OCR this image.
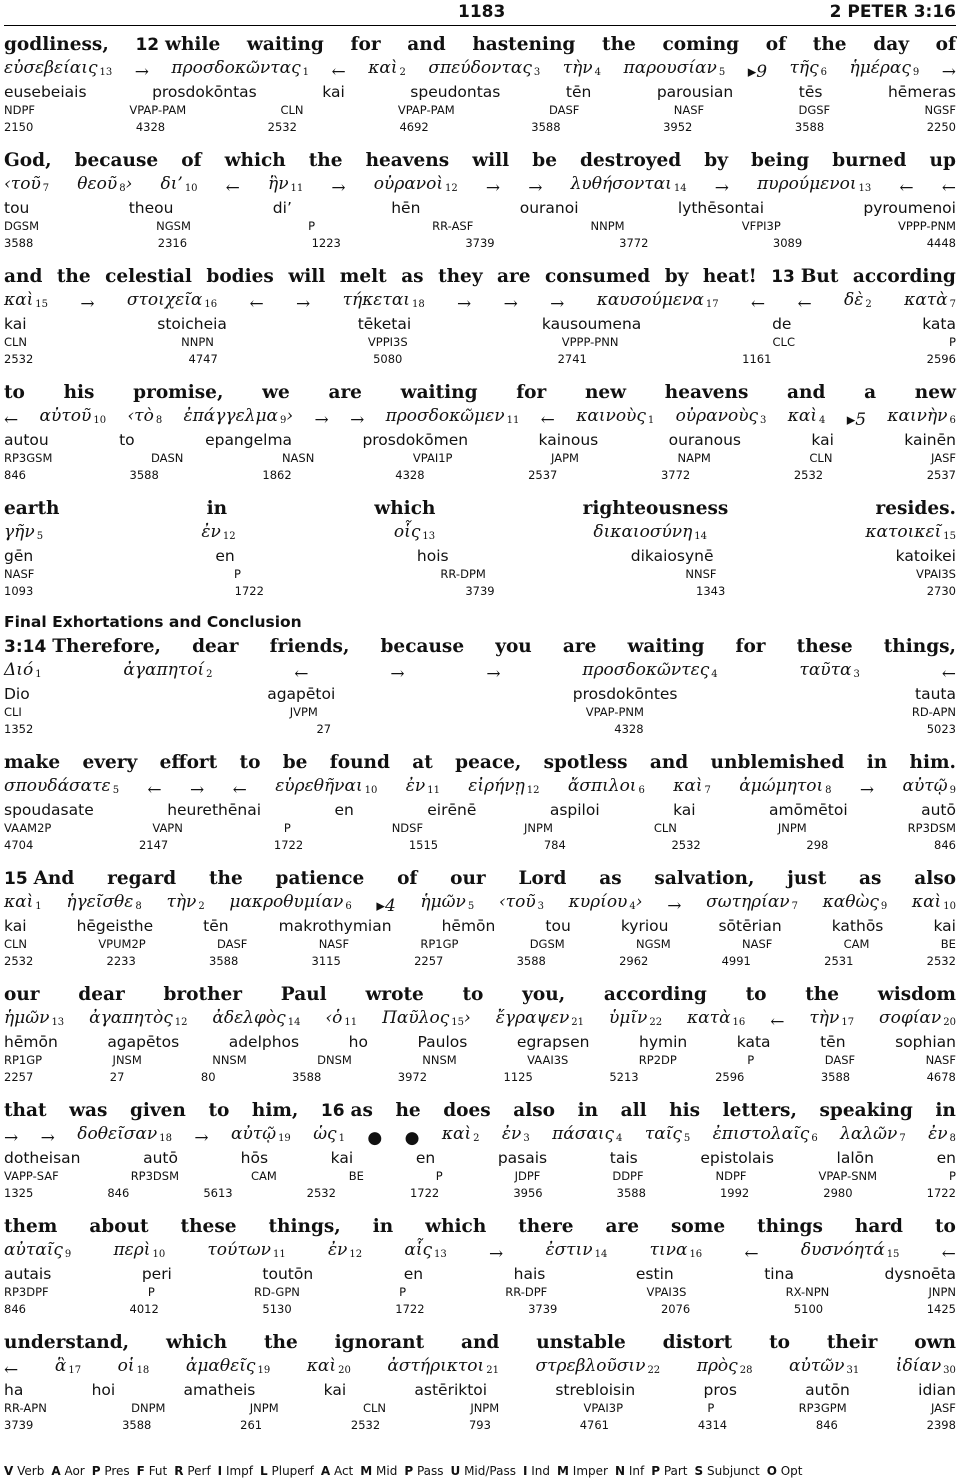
1183	2 PETER 3:16
godliness, 12 while waiting for and hastening the coming of the day of
εὐσεβείαις $_{13}$ → προσδοκῶντας $_1$ ← καὶ $_2$ σπεύδοντας $_3$ τὴν $_4$ παρουσίαν $_5$ ▸9 τῆς $_6$ ἡμέρας $_9$ →
eusebeiais	prosdokōntas	kai	speudontas	tēn	parousian	tēs	hēmeras
NDPF	VPAP-PAM	CLN	VPAP-PAM	DASF	NASF	DGSF	NGSF
2150	4328	2532	4692	3588	3952	3588	2250
God, because of which the heavens will be destroyed by being burned up
‹τοῦ $_7$ θεοῦ $_8$› δι’ $_{10}$ ← ἣν $_{11}$ → οὐρανοὶ $_{12}$ → → λυθήσονται $_{14}$ → πυρούμενοι $_{13}$ ← ←
tou	theou	di’	hēn	ouranoi	lythēsontai	pyroumenoi
DGSM	NGSM	P	RR-ASF	NNPM	VFPI3P	VPPP-PNM
3588	2316	1223	3739	3772	3089	4448
and the celestial bodies will melt as they are consumed by heat! 13 But according
καὶ $_{15}$ → στοιχεῖα $_{16}$ ← → τήκεται $_{18}$ → → → καυσούμενα $_{17}$ ← ← δὲ $_2$ κατὰ $_7$
kai	stoicheia	tēketai	kausoumena	de	kata
CLN	NNPN	VPPI3S	VPPP-PNN	CLC	P
2532	4747	5080	2741	1161	2596
to his promise, we are waiting for new heavens and a new
← αὐτοῦ $_{10}$ ‹τὸ $_8$ ἐπάγγελμα $_9$› → → προσδοκῶμεν $_{11}$ ← καινοὺς $_1$ οὐρανοὺς $_3$ καὶ $_4$ ▸5 καινὴν $_6$
autou	to	epangelma	prosdokōmen	kainous	ouranous	kai	kainēn
RP3GSM	DASN	NASN	VPAI1P	JAPM	NAPM	CLN	JASF
846	3588	1862	4328	2537	3772	2532	2537
earth	in	which	righteousness	resides.
γῆν $_5$	ἐν $_{12}$	οἷς $_{13}$	δικαιοσύνη $_{14}$	κατοικεῖ $_{15}$
gēn	en	hois	dikaiosynē	katoikei
NASF	P	RR-DPM	NNSF	VPAI3S
1093	1722	3739	1343	2730
Final Exhortations and Conclusion
3:14 Therefore, dear friends, because you are waiting for these things,
Διό $_1$	ἀγαπητοί $_2$	←	→	→	προσδοκῶντες $_4$	ταῦτα $_3$	←
Dio	agapētoi	prosdokōntes	tauta
CLI	JVPM	VPAP-PNM	RD-APN
1352	27	4328	5023
make every effort to be found at peace, spotless and unblemished in him.
σπουδάσατε $_5$ ← → ← εὑρεθῆναι $_{10}$ ἐν $_{11}$ εἰρήνῃ $_{12}$ ἄσπιλοι $_6$ καὶ $_7$ ἀμώμητοι $_8$ → αὐτῷ $_9$
spoudasate	heurethēnai	en	eirēnē	aspiloi	kai	amōmētoi	autō
VAAM2P	VAPN	P	NDSF	JNPM	CLN	JNPM	RP3DSM
4704	2147	1722	1515	784	2532	298	846
15 And regard the patience of our Lord as salvation, just as also
καὶ $_1$ ἡγεῖσθε $_8$ τὴν $_2$ μακροθυμίαν $_6$ ▸4 ἡμῶν $_5$ ‹τοῦ $_3$ κυρίου $_4$› → σωτηρίαν $_7$ καθὼς $_9$ καὶ $_{10}$
kai	hēgeisthe	tēn	makrothymian	hēmōn	tou	kyriou	sōtērian	kathōs	kai
CLN	VPUM2P	DASF	NASF	RP1GP	DGSM	NGSM	NASF	CAM	BE
2532	2233	3588	3115	2257	3588	2962	4991	2531	2532
our dear brother Paul wrote to you, according to the wisdom
ἡμῶν $_{13}$ ἀγαπητὸς $_{12}$ ἀδελφὸς $_{14}$ ‹ὁ $_{11}$ Παῦλος $_{15}$› ἔγραψεν $_{21}$ ὑμῖν $_{22}$ κατὰ $_{16}$ ← τὴν $_{17}$ σοφίαν $_{20}$
hēmōn	agapētos	adelphos	ho	Paulos	egrapsen	hymin	kata	tēn	sophian
RP1GP	JNSM	NNSM	DNSM	NNSM	VAAI3S	RP2DP	P	DASF	NASF
2257	27	80	3588	3972	1125	5213	2596	3588	4678
that was given to him, 16 as he does also in all his letters, speaking in
→ → δοθεῖσαν $_{18}$ → αὐτῷ $_{19}$ ὡς $_1$ ● ● καὶ $_2$ ἐν $_3$ πάσαις $_4$ ταῖς $_5$ ἐπιστολαῖς $_6$ λαλῶν $_7$ ἐν $_8$
dotheisan	autō	hōs	kai	en	pasais	tais	epistolais	lalōn	en
VAPP-SAF	RP3DSM	CAM	BE	P	JDPF	DDPF	NDPF	VPAP-SNM	P
1325	846	5613	2532	1722	3956	3588	1992	2980	1722
them about these things, in which there are some things hard to
αὐταῖς $_9$ περὶ $_{10}$ τούτων $_{11}$ ἐν $_{12}$ αἷς $_{13}$ → ἐστιν $_{14}$ τινα $_{16}$ ← δυσνόητά $_{15}$ ←
autais	peri	toutōn	en	hais	estin	tina	dysnoēta
RP3DPF	P	RD-GPN	P	RR-DPF	VPAI3S	RX-NPN	JNPN
846	4012	5130	1722	3739	2076	5100	1425
understand, which the ignorant and unstable distort to their own
← ἃ $_{17}$ οἱ $_{18}$ ἀμαθεῖς $_{19}$ καὶ $_{20}$ ἀστήρικτοι $_{21}$ στρεβλοῦσιν $_{22}$ πρὸς $_{28}$ αὐτῶν $_{31}$ ἰδίαν $_{30}$
ha	hoi	amatheis	kai	astēriktoi	strebloisin	pros	autōn	idian
RR-APN	DNPM	JNPM	CLN	JNPM	VPAI3P	P	RP3GPM	JASF
3739	3588	261	2532	793	4761	4314	846	2398
V Verb A Aor P Pres F Fut R Perf I Impf L Pluperf A Act M Mid P Pass U Mid/Pass I Ind M Imper N Inf P Part S Subjunct O Opt
